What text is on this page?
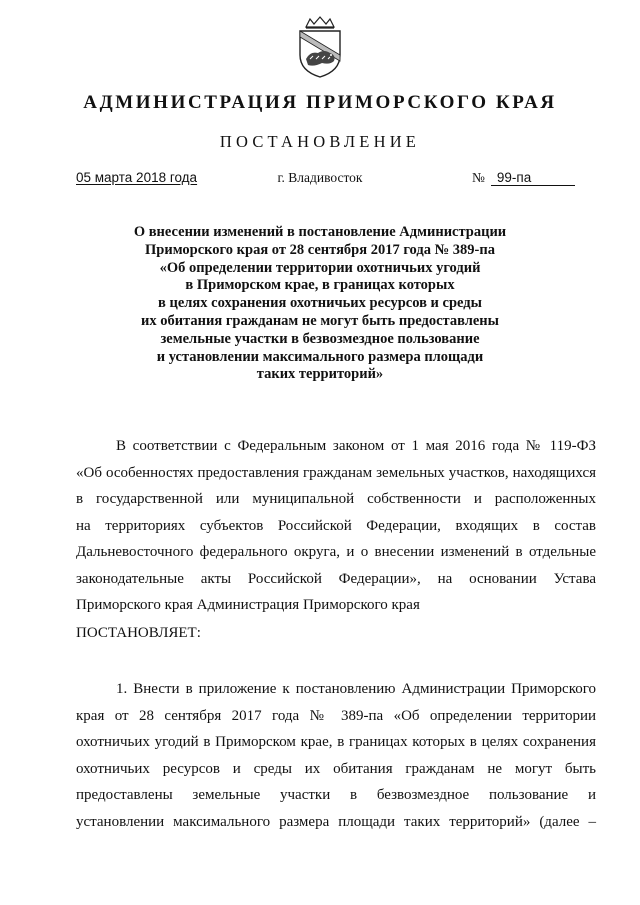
АДМИНИСТРАЦИЯ ПРИМОРСКОГО КРАЯ
ПОСТАНОВЛЕНИЕ
05 марта 2018 года	г. Владивосток	№ 99-па
О внесении изменений в постановление Администрации
Приморского края от 28 сентября 2017 года № 389-па
«Об определении территории охотничьих угодий
в Приморском крае, в границах которых
в целях сохранения охотничьих ресурсов и среды
их обитания гражданам не могут быть предоставлены
земельные участки в безвозмездное пользование
и установлении максимального размера площади
таких территорий»
В соответствии с Федеральным законом от 1 мая 2016 года № 119-ФЗ
«Об особенностях предоставления гражданам земельных участков, находящихся
в государственной или муниципальной собственности и расположенных
на территориях субъектов Российской Федерации, входящих в состав
Дальневосточного федерального округа, и о внесении изменений в отдельные
законодательные акты Российской Федерации», на основании Устава
Приморского края Администрация Приморского края
ПОСТАНОВЛЯЕТ:
1. Внести в приложение к постановлению Администрации Приморского
края от 28 сентября 2017 года № 389-па «Об определении территории
охотничьих угодий в Приморском крае, в границах которых в целях сохранения
охотничьих ресурсов и среды их обитания гражданам не могут быть
предоставлены земельные участки в безвозмездное пользование и
установлении максимального размера площади таких территорий» (далее –
